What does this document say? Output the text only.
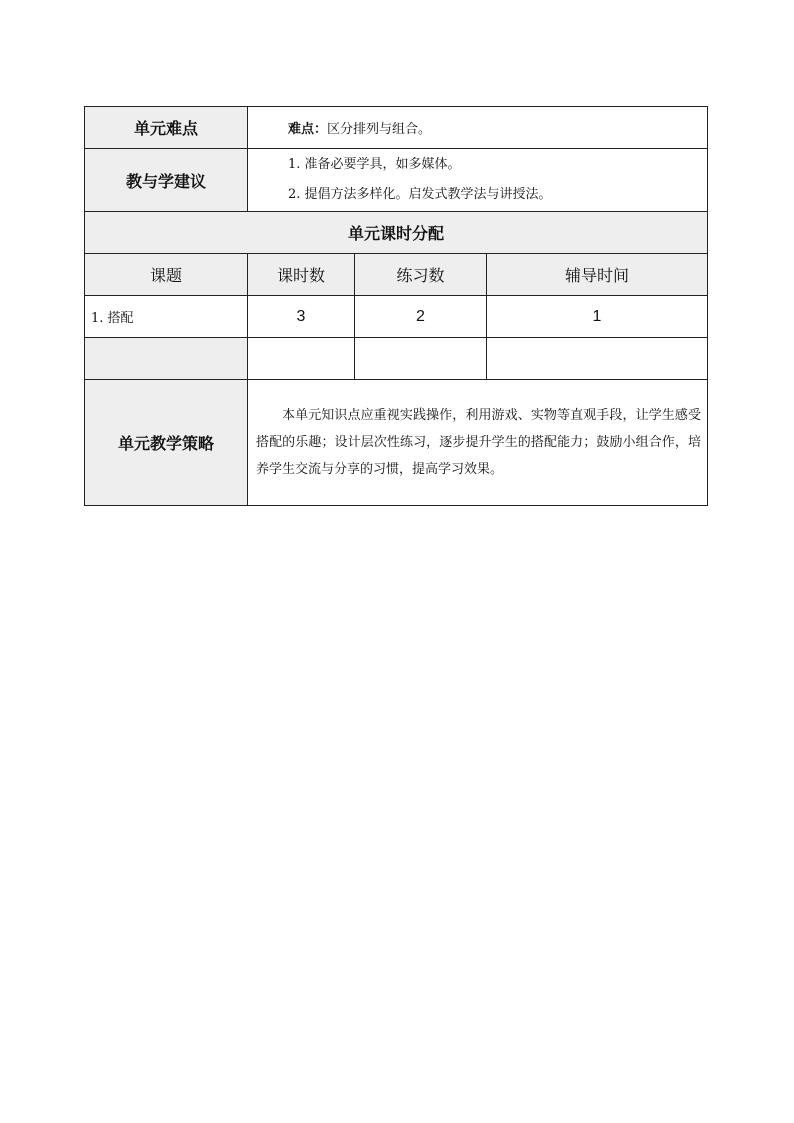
单元难点	难点：区分排列与组合。		
教与学建议	1. 准备必要学具，如多媒体。
2. 提倡方法多样化。启发式教学法与讲授法。		

单元课时分配			
课题	课时数	练习数	辅导时间
1. 搭配	3	2	1

单元教学策略	本单元知识点应重视实践操作，利用游戏、实物等直观手段，让学生感受搭配的乐趣；设计层次性练习，逐步提升学生的搭配能力；鼓励小组合作，培养学生交流与分享的习惯，提高学习效果。		
